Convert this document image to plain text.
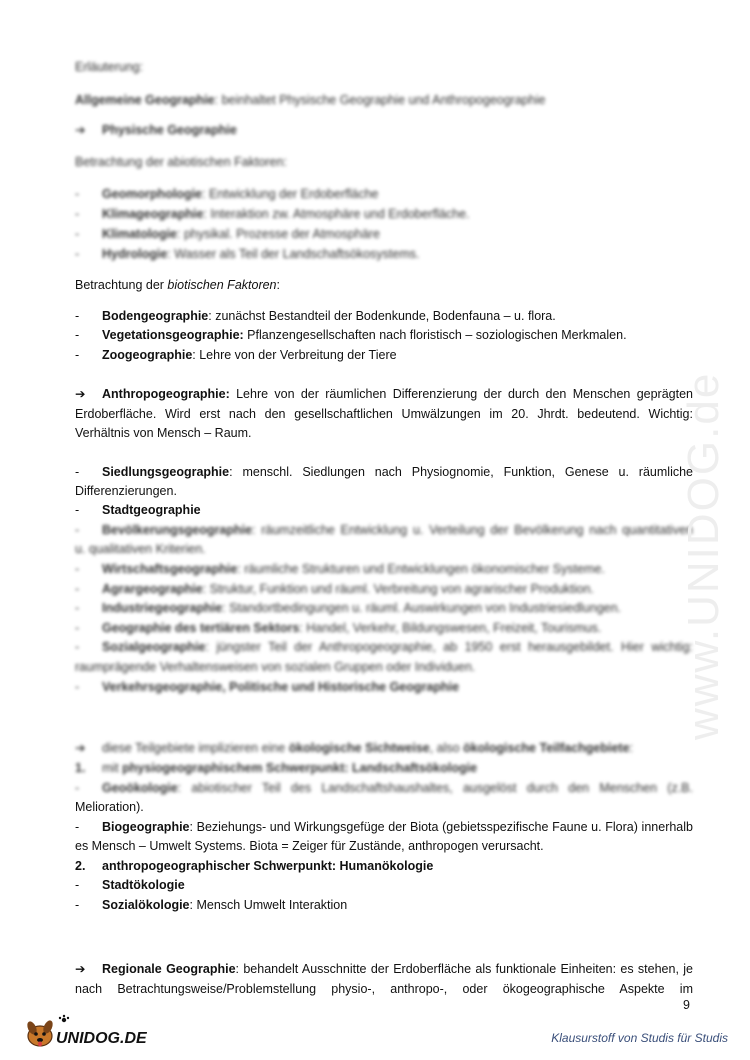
Erläuterung:
Allgemeine Geographie: beinhaltet Physische Geographie und Anthropogeographie
➔ Physische Geographie
Betrachtung der abiotischen Faktoren:
- Geomorphologie: Entwicklung der Erdoberfläche
- Klimageographie: Interaktion zw. Atmosphäre und Erdoberfläche.
- Klimatologie: physikal. Prozesse der Atmosphäre
- Hydrologie: Wasser als Teil der Landschaftsökosystems.
Betrachtung der biotischen Faktoren:
- Bodengeographie: zunächst Bestandteil der Bodenkunde, Bodenfauna – u. flora.
- Vegetationsgeographie: Pflanzengesellschaften nach floristisch – soziologischen Merkmalen.
- Zoogeographie: Lehre von der Verbreitung der Tiere
➔ Anthropogeographie: Lehre von der räumlichen Differenzierung der durch den Menschen geprägten
Erdoberfläche. Wird erst nach den gesellschaftlichen Umwälzungen im 20. Jhrdt. bedeutend. Wichtig:
Verhältnis von Mensch – Raum.
- Siedlungsgeographie: menschl. Siedlungen nach Physiognomie, Funktion, Genese u. räumliche
Differenzierungen.
- Stadtgeographie
- Bevölkerungsgeographie: räumzeitliche Entwicklung u. Verteilung der Bevölkerung nach quantitativen
u. qualitativen Kriterien.
- Wirtschaftsgeographie: räumliche Strukturen und Entwicklungen ökonomischer Systeme.
- Agrargeographie: Struktur, Funktion und räuml. Verbreitung von agrarischer Produktion.
- Industriegeographie: Standortbedingungen u. räuml. Auswirkungen von Industriesiedlungen.
- Geographie des tertiären Sektors: Handel, Verkehr, Bildungswesen, Freizeit, Tourismus.
- Sozialgeographie: jüngster Teil der Anthropogeographie, ab 1950 erst herausgebildet. Hier wichtig:
raumprägende Verhaltensweisen von sozialen Gruppen oder Individuen.
- Verkehrsgeographie, Politische und Historische Geographie
➔ diese Teilgebiete implizieren eine ökologische Sichtweise, also ökologische Teilfachgebiete:
1. mit physiogeographischem Schwerpunkt: Landschaftsökologie
- Geoökologie: abiotischer Teil des Landschaftshaushaltes, ausgelöst durch den Menschen (z.B.
Melioration).
- Biogeographie: Beziehungs- und Wirkungsgefüge der Biota (gebietsspezifische Faune u. Flora) innerhalb
es Mensch – Umwelt Systems. Biota = Zeiger für Zustände, anthropogen verursacht.
2. anthropogeographischer Schwerpunkt: Humanökologie
- Stadtökologie
- Sozialökologie: Mensch Umwelt Interaktion
➔ Regionale Geographie: behandelt Ausschnitte der Erdoberfläche als funktionale Einheiten: es stehen, je
nach Betrachtungsweise/Problemstellung physio-, anthropo-, oder ökogeographische Aspekte im
www.UNIDOG.de
9
UNIDOG.DE	Klausurstoff von Studis für Studis
